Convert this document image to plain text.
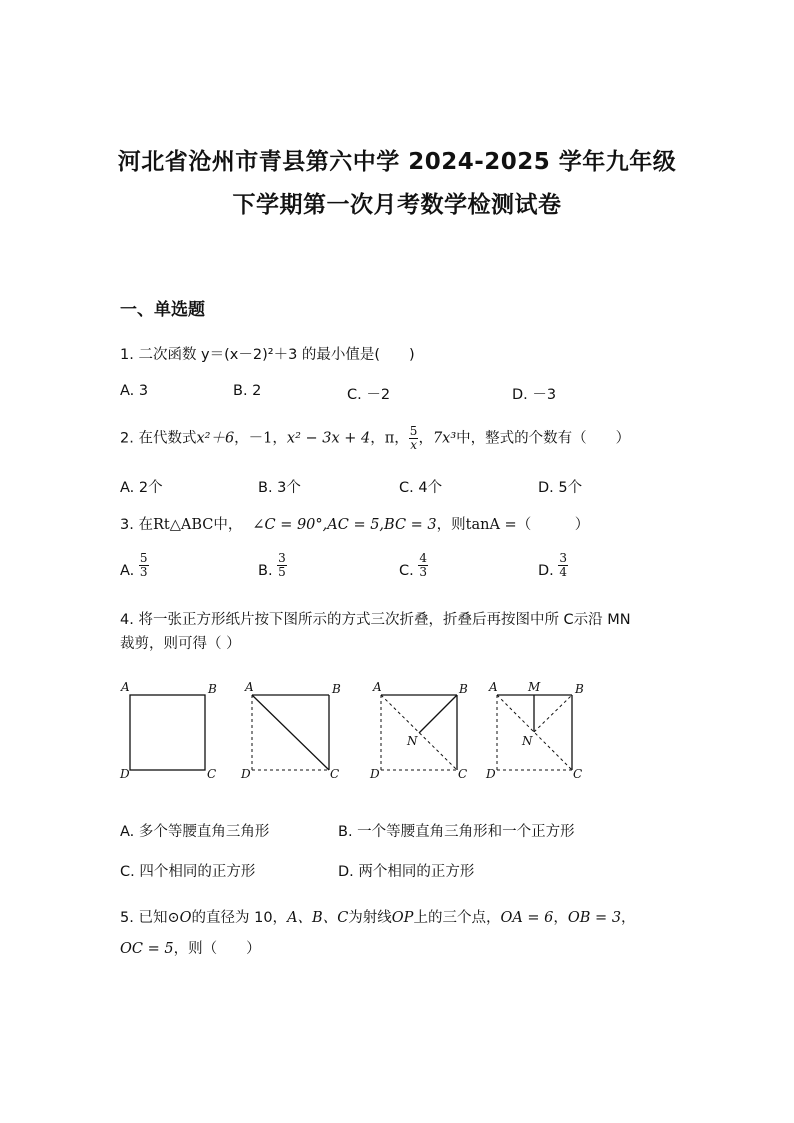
河北省沧州市青县第六中学 2024-2025 学年九年级
下学期第一次月考数学检测试卷
一、单选题
1. 二次函数 y＝(x－2)²＋3 的最小值是(　　)
A. 3	B. 2	C. －2	D. －3
2. 在代数式x²＋6，－1，x² − 3x + 4，π， $\frac{5}{x}$ ，7x³中，整式的个数有（　　）
A. 2个	B. 3个	C. 4个	D. 5个
3. 在Rt△ABC中， ∠C = 90°,AC = 5,BC = 3，则tanA =（　　　）
A. $\frac{5}{3}$	B. $\frac{3}{5}$	C. $\frac{4}{3}$	D. $\frac{3}{4}$
4. 将一张正方形纸片按下图所示的方式三次折叠，折叠后再按图中所 C示沿 MN
裁剪，则可得（ ）
A	B
D	C
A	B
D	C
A	B
N
D	C
A	M	B
N
D	C
A. 多个等腰直角三角形	B. 一个等腰直角三角形和一个正方形
C. 四个相同的正方形	D. 两个相同的正方形
5. 已知⊙O的直径为 10，A、B、C为射线OP上的三个点，OA = 6，OB = 3，
OC = 5，则（　　）
